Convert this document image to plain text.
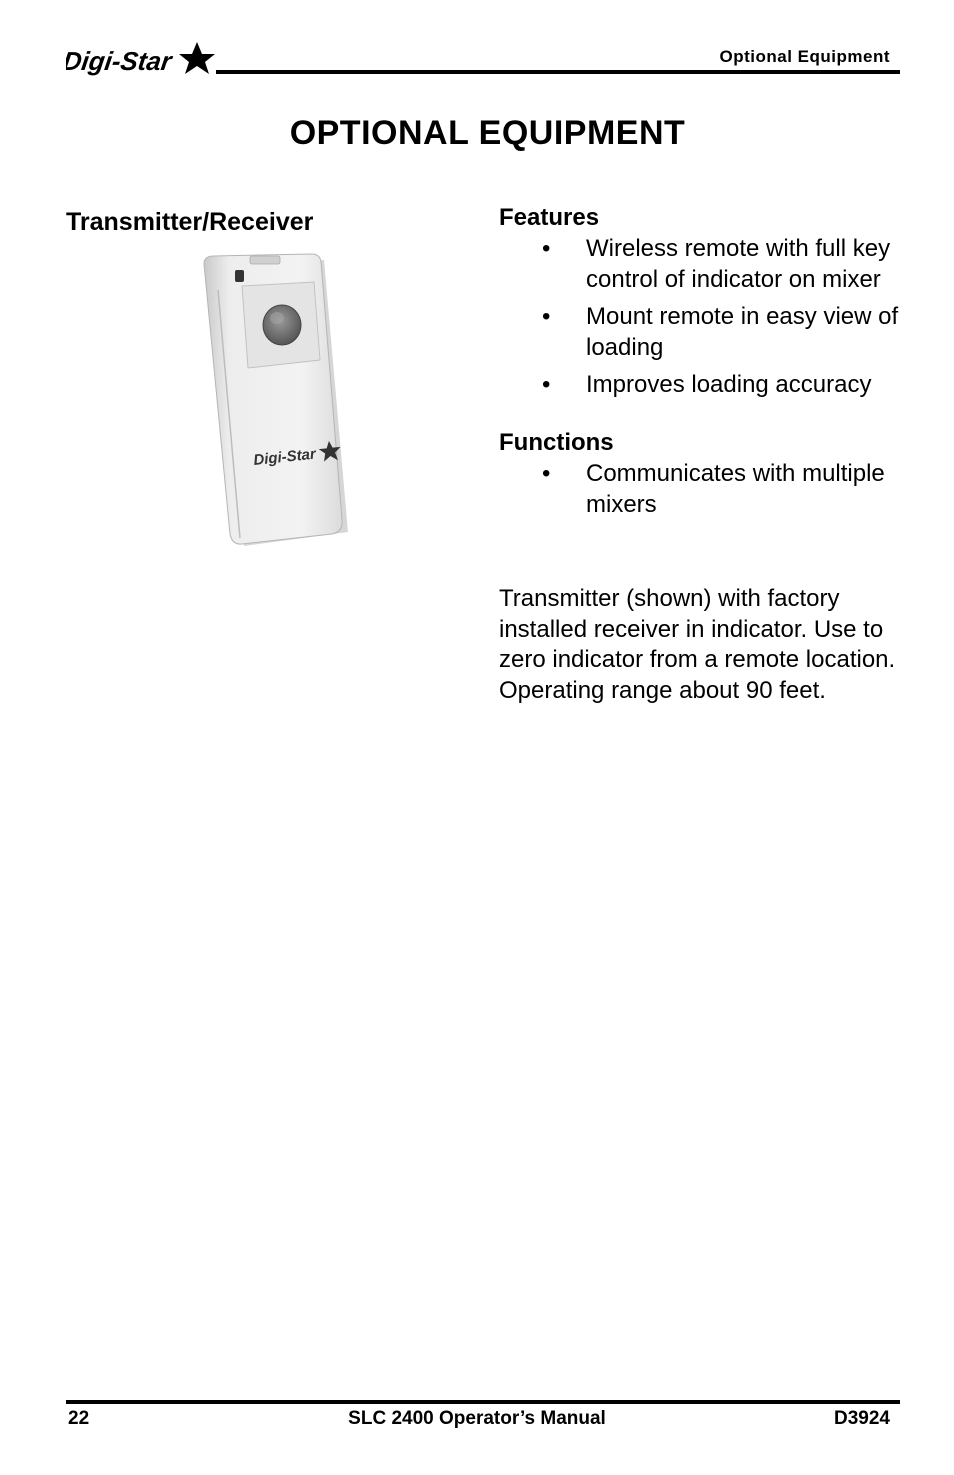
Digi-Star	Optional Equipment
OPTIONAL EQUIPMENT
Transmitter/Receiver
Digi-Star
Features
• Wireless remote with full key control of indicator on mixer
• Mount remote in easy view of loading
• Improves loading accuracy
Functions
• Communicates with multiple mixers

Transmitter (shown) with factory installed receiver in indicator. Use to zero indicator from a remote location. Operating range about 90 feet.

22	SLC 2400 Operator’s Manual	D3924
